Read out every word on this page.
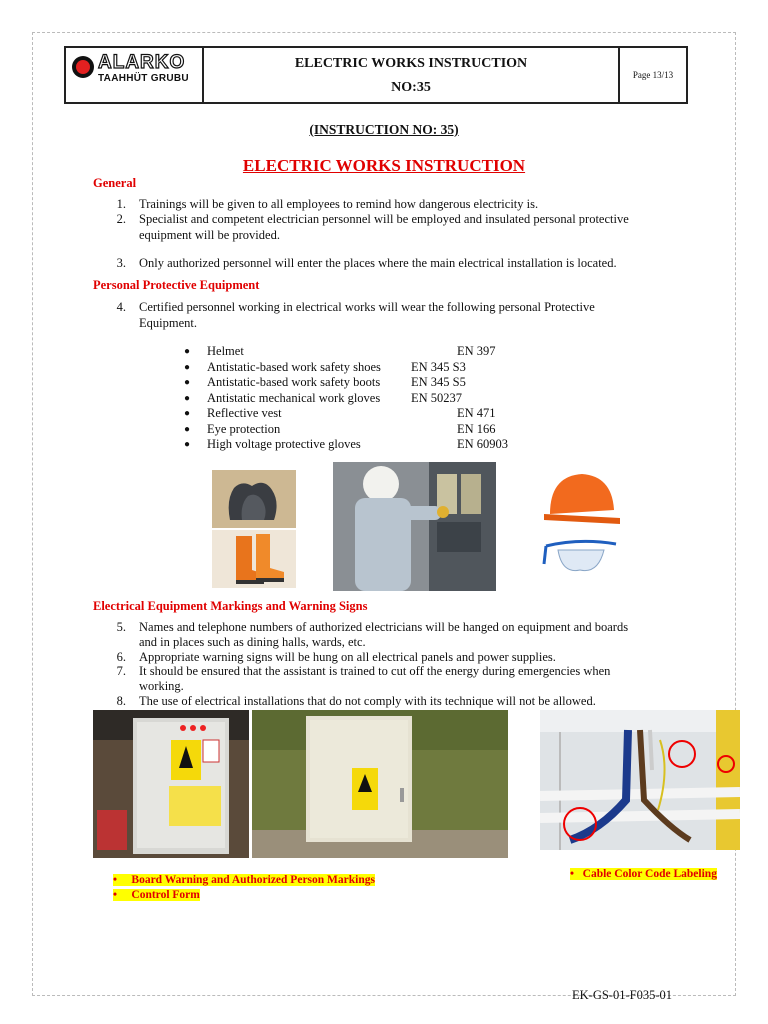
ALARKO
TAAHHÜT GRUBU
ELECTRIC WORKS INSTRUCTION
NO:35
Page 13/13
(INSTRUCTION NO: 35)
ELECTRIC WORKS INSTRUCTION
General
1. Trainings will be given to all employees to remind how dangerous electricity is.
2. Specialist and competent electrician personnel will be employed and insulated personal protective
equipment will be provided.
3. Only authorized personnel will enter the places where the main electrical installation is located.
Personal Protective Equipment
4. Certified personnel working in electrical works will wear the following personal Protective
Equipment.
● Helmet	EN 397
● Antistatic-based work safety shoes EN 345 S3
● Antistatic-based work safety boots EN 345 S5
● Antistatic mechanical work gloves EN 50237
● Reflective vest	EN 471
● Eye protection	EN 166
● High voltage protective gloves	EN 60903
Electrical Equipment Markings and Warning Signs
5. Names and telephone numbers of authorized electricians will be hanged on equipment and boards
and in places such as dining halls, wards, etc.
6. Appropriate warning signs will be hung on all electrical panels and power supplies.
7. It should be ensured that the assistant is trained to cut off the energy during emergencies when
working.
8. The use of electrical installations that do not comply with its technique will not be allowed.
•     Board Warning and Authorized Person Markings
•     Control Form
•   Cable Color Code Labeling
EK-GS-01-F035-01
